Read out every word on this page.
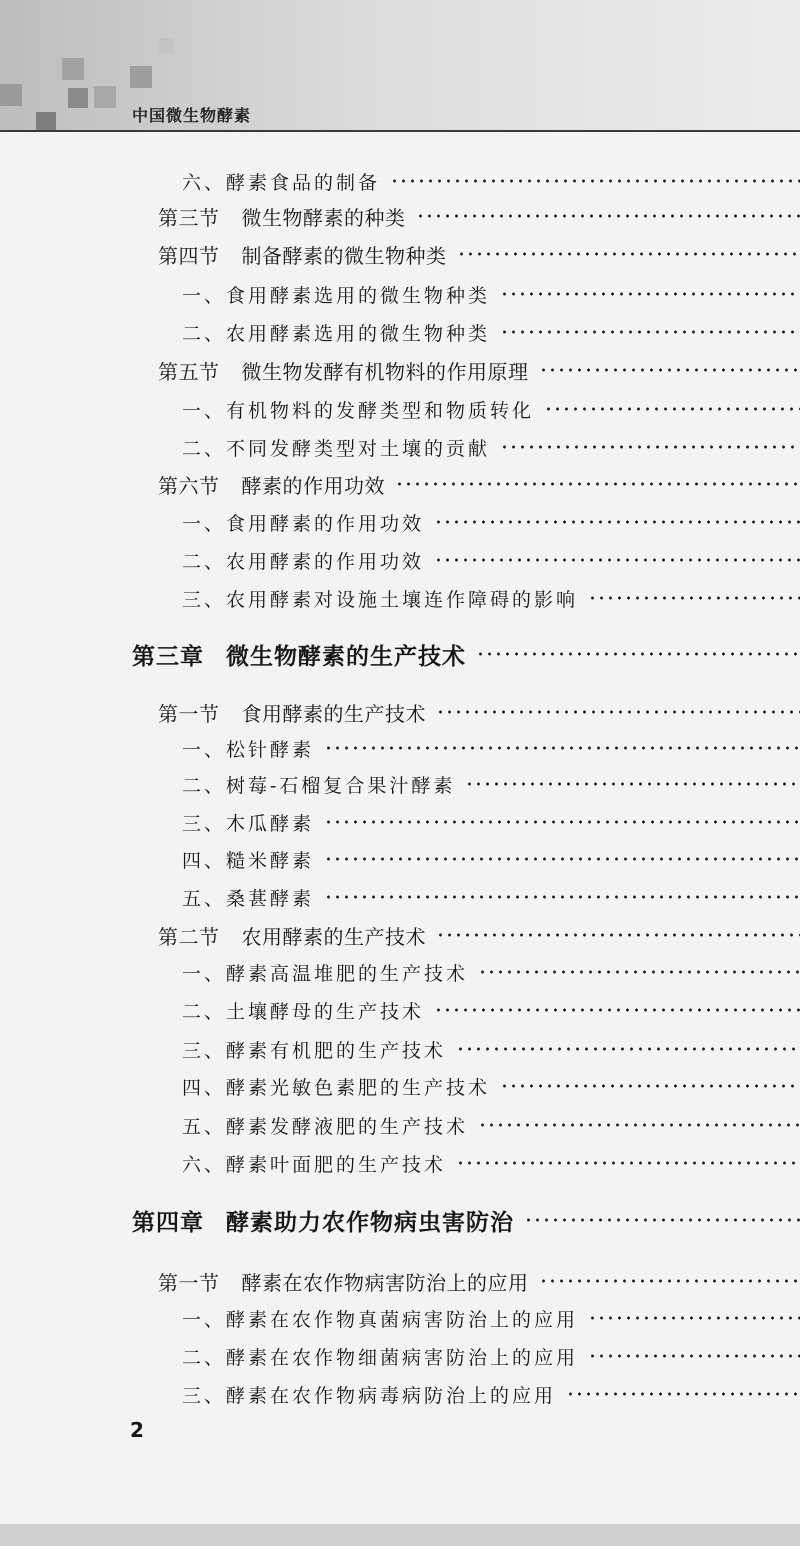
中国微生物酵素
六、酵素食品的制备
第三节 微生物酵素的种类
第四节 制备酵素的微生物种类
一、食用酵素选用的微生物种类
二、农用酵素选用的微生物种类
第五节 微生物发酵有机物料的作用原理
一、有机物料的发酵类型和物质转化
二、不同发酵类型对土壤的贡献
第六节 酵素的作用功效
一、食用酵素的作用功效
二、农用酵素的作用功效
三、农用酵素对设施土壤连作障碍的影响
第三章 微生物酵素的生产技术
第一节 食用酵素的生产技术
一、松针酵素
二、树莓-石榴复合果汁酵素
三、木瓜酵素
四、糙米酵素
五、桑葚酵素
第二节 农用酵素的生产技术
一、酵素高温堆肥的生产技术
二、土壤酵母的生产技术
三、酵素有机肥的生产技术
四、酵素光敏色素肥的生产技术
五、酵素发酵液肥的生产技术
六、酵素叶面肥的生产技术
第四章 酵素助力农作物病虫害防治
第一节 酵素在农作物病害防治上的应用
一、酵素在农作物真菌病害防治上的应用
二、酵素在农作物细菌病害防治上的应用
三、酵素在农作物病毒病防治上的应用
2
